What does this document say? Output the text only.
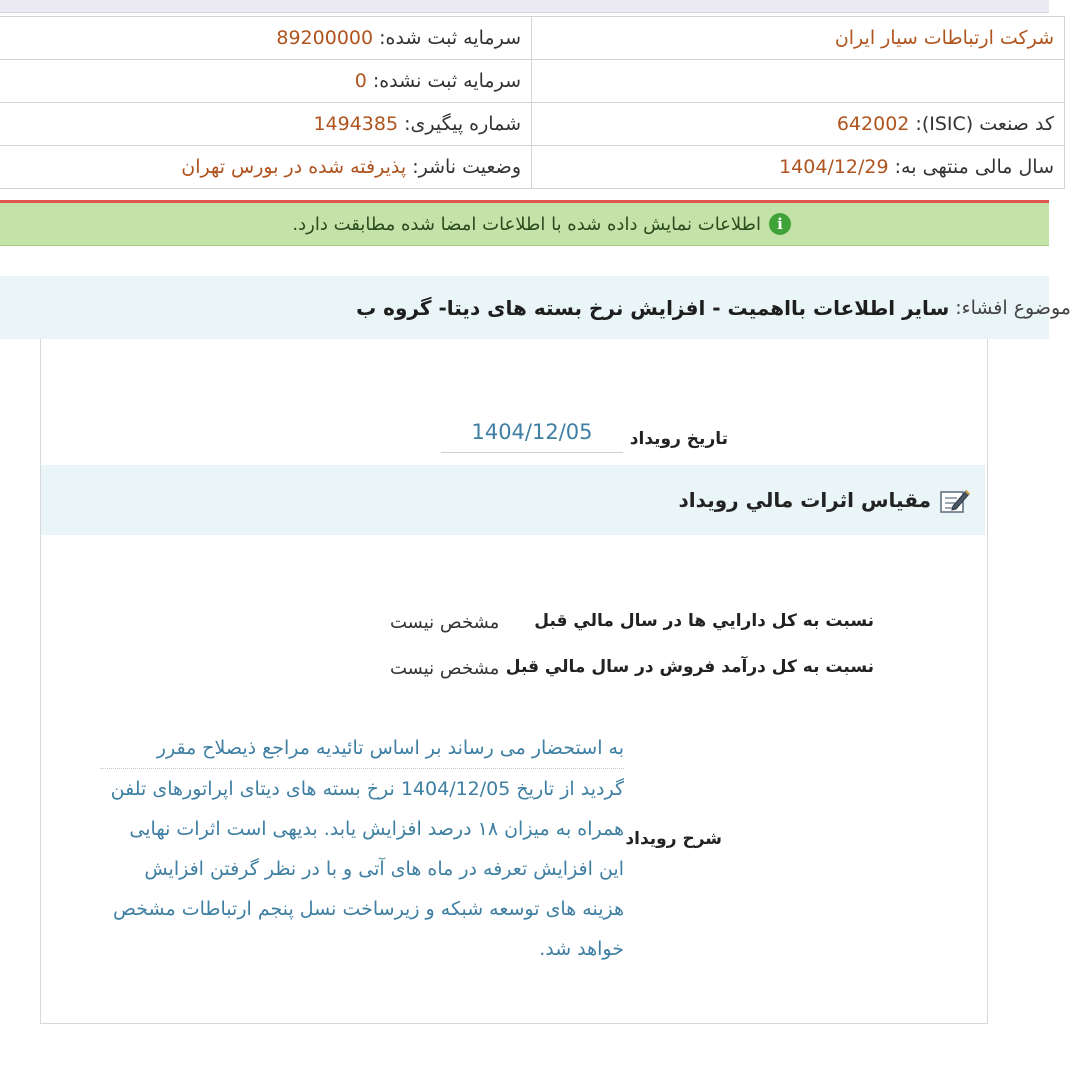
شرکت ارتباطات سیار ایران	سرمایه ثبت شده: 89200000
	سرمایه ثبت نشده: 0
کد صنعت (ISIC): 642002	شماره پیگیری: 1494385
سال مالی منتهی به: 1404/12/29	وضعیت ناشر: پذیرفته شده در بورس تهران
i
اطلاعات نمایش داده شده با اطلاعات امضا شده مطابقت دارد.
موضوع افشاء:
ساير اطلاعات بااهميت - افزايش نرخ بسته های دیتا- گروه ب
تاريخ رويداد
1404/12/05
مقياس اثرات مالي رويداد
نسبت به كل دارايي ها در سال مالي قبل
مشخص نیست
نسبت به كل درآمد فروش در سال مالي قبل
مشخص نیست
شرح رويداد
به استحضار می رساند بر اساس تائیدیه مراجع ذیصلاح مقرر
گردید از تاریخ 1404/12/05 نرخ بسته های دیتای اپراتورهای تلفن همراه به میزان ۱۸ درصد افزایش یابد. بدیهی است اثرات نهایی این افزایش تعرفه در ماه های آتی و با در نظر گرفتن افزایش هزینه های توسعه شبکه و زیرساخت نسل پنجم ارتباطات مشخص خواهد شد.
